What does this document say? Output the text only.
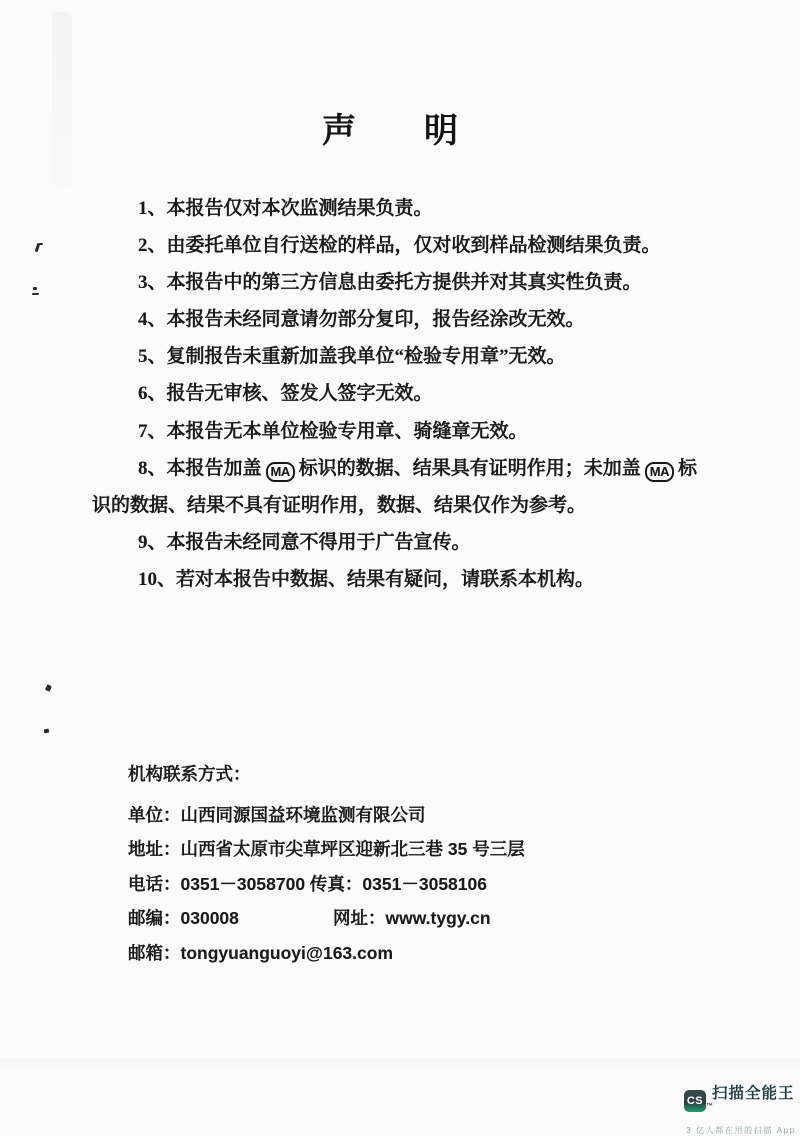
声　　明

1、本报告仅对本次监测结果负责。

2、由委托单位自行送检的样品，仅对收到样品检测结果负责。

3、本报告中的第三方信息由委托方提供并对其真实性负责。

4、本报告未经同意请勿部分复印，报告经涂改无效。

5、复制报告未重新加盖我单位“检验专用章”无效。

6、报告无审核、签发人签字无效。

7、本报告无本单位检验专用章、骑缝章无效。

8、本报告加盖 MA 标识的数据、结果具有证明作用；未加盖 MA 标识的数据、结果不具有证明作用，数据、结果仅作为参考。

9、本报告未经同意不得用于广告宣传。

10、若对本报告中数据、结果有疑问，请联系本机构。

机构联系方式：

单位：山西同源国益环境监测有限公司

地址：山西省太原市尖草坪区迎新北三巷 35 号三层

电话：0351－3058700 传真：0351－3058106

邮编：030008	网址：www.tygy.cn

邮箱：tongyuanguoyi@163.com

CS 扫描全能王™
3 亿人都在用的扫描 App
